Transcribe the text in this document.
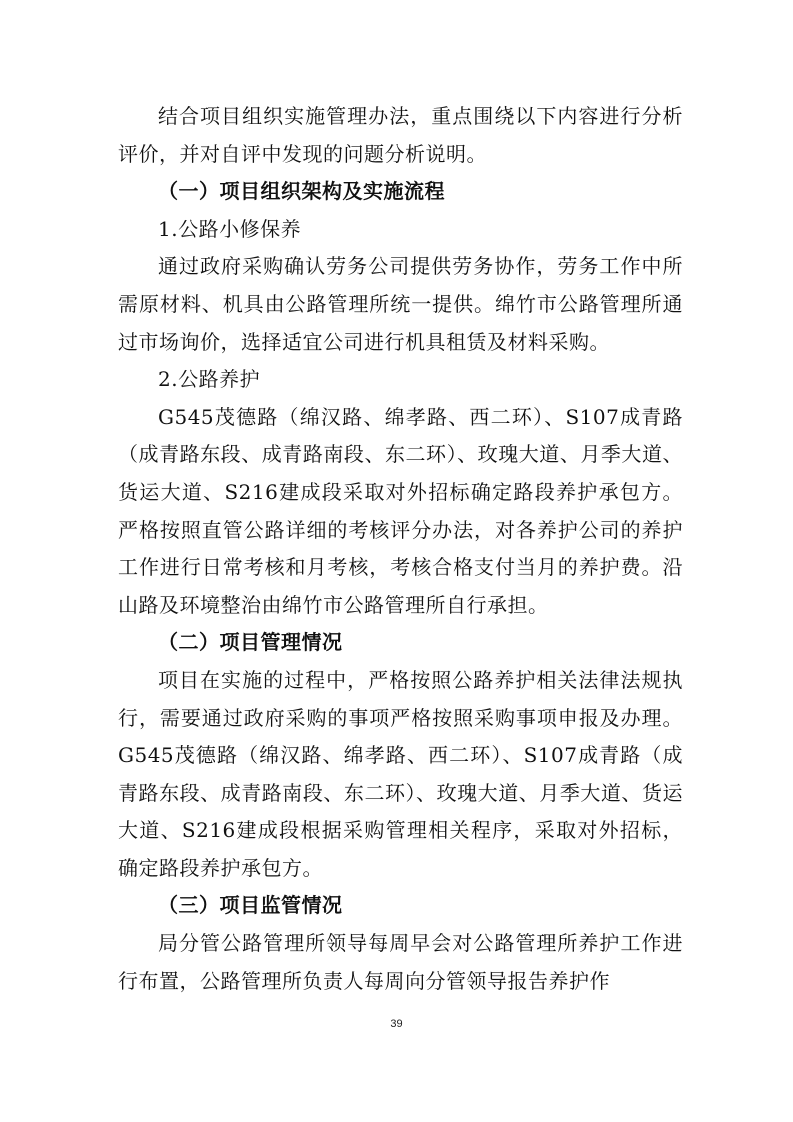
结合项目组织实施管理办法，重点围绕以下内容进行分析评价，并对自评中发现的问题分析说明。

（一）项目组织架构及实施流程

1.公路小修保养

通过政府采购确认劳务公司提供劳务协作，劳务工作中所需原材料、机具由公路管理所统一提供。绵竹市公路管理所通过市场询价，选择适宜公司进行机具租赁及材料采购。

2.公路养护

G545茂德路（绵汉路、绵孝路、西二环）、S107成青路（成青路东段、成青路南段、东二环）、玫瑰大道、月季大道、货运大道、S216建成段采取对外招标确定路段养护承包方。严格按照直管公路详细的考核评分办法，对各养护公司的养护工作进行日常考核和月考核，考核合格支付当月的养护费。沿山路及环境整治由绵竹市公路管理所自行承担。

（二）项目管理情况

项目在实施的过程中，严格按照公路养护相关法律法规执行，需要通过政府采购的事项严格按照采购事项申报及办理。G545茂德路（绵汉路、绵孝路、西二环）、S107成青路（成青路东段、成青路南段、东二环）、玫瑰大道、月季大道、货运大道、S216建成段根据采购管理相关程序，采取对外招标，确定路段养护承包方。

（三）项目监管情况

局分管公路管理所领导每周早会对公路管理所养护工作进行布置，公路管理所负责人每周向分管领导报告养护作

39
